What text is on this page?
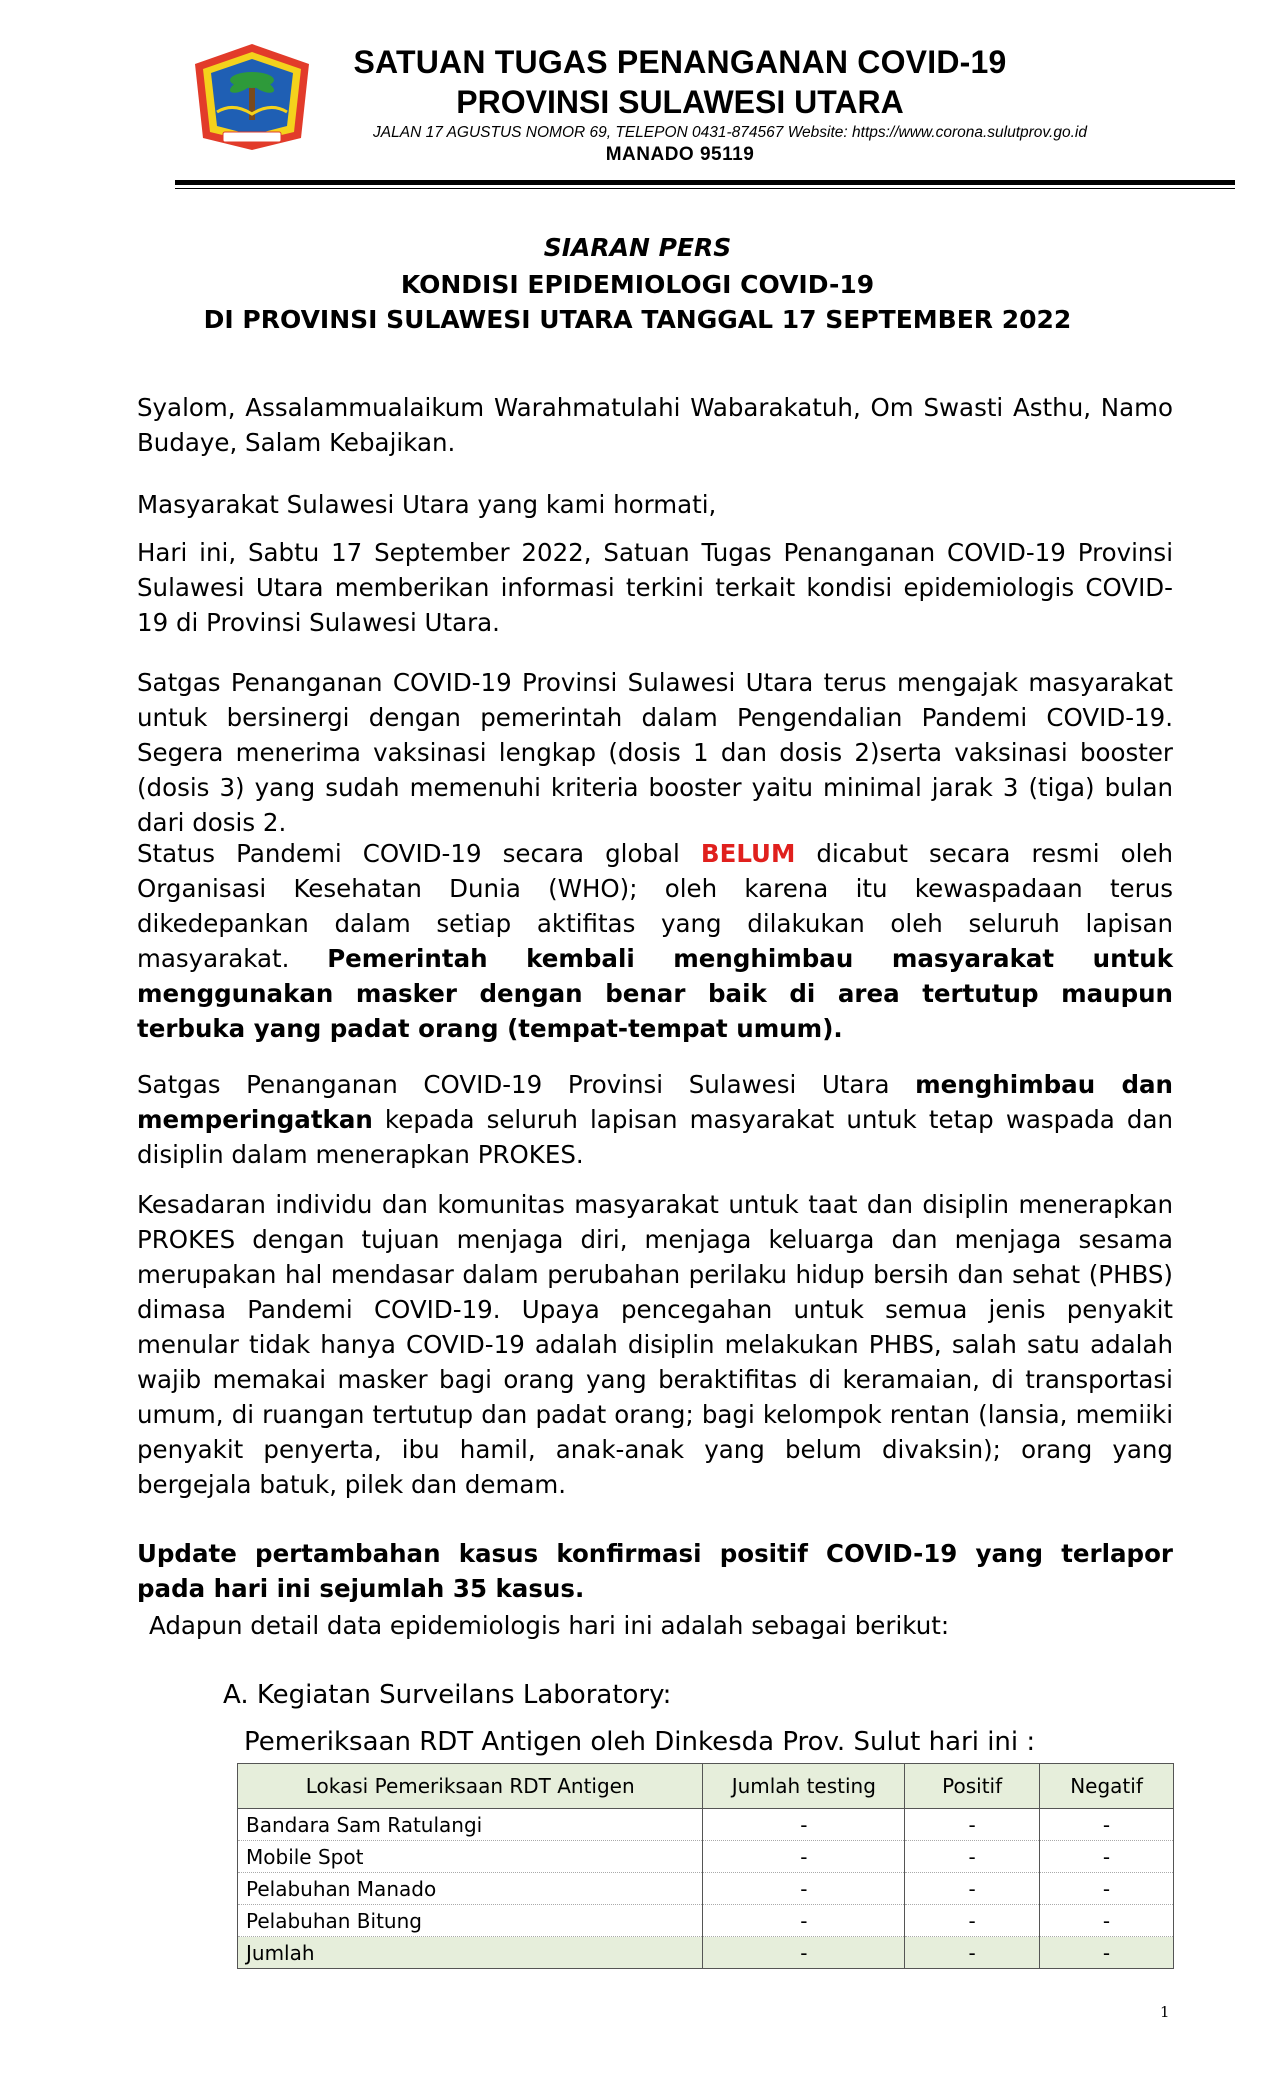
SATUAN TUGAS PENANGANAN COVID-19
PROVINSI SULAWESI UTARA
JALAN 17 AGUSTUS NOMOR 69, TELEPON 0431-874567 Website: https://www.corona.sulutprov.go.id
MANADO 95119
SIARAN PERS
KONDISI EPIDEMIOLOGI COVID-19
DI PROVINSI SULAWESI UTARA TANGGAL 17 SEPTEMBER 2022
Syalom, Assalammualaikum Warahmatulahi Wabarakatuh, Om Swasti Asthu, Namo Budaye, Salam Kebajikan.
Masyarakat Sulawesi Utara yang kami hormati,
Hari ini, Sabtu 17 September 2022, Satuan Tugas Penanganan COVID-19 Provinsi Sulawesi Utara memberikan informasi terkini terkait kondisi epidemiologis COVID-19 di Provinsi Sulawesi Utara.
Satgas Penanganan COVID-19 Provinsi Sulawesi Utara terus mengajak masyarakat untuk bersinergi dengan pemerintah dalam Pengendalian Pandemi COVID-19. Segera menerima vaksinasi lengkap (dosis 1 dan dosis 2)serta vaksinasi booster (dosis 3) yang sudah memenuhi kriteria booster yaitu minimal jarak 3 (tiga) bulan dari dosis 2.
Status Pandemi COVID-19 secara global BELUM dicabut secara resmi oleh Organisasi Kesehatan Dunia (WHO); oleh karena itu kewaspadaan terus dikedepankan dalam setiap aktifitas yang dilakukan oleh seluruh lapisan masyarakat. Pemerintah kembali menghimbau masyarakat untuk menggunakan masker dengan benar baik di area tertutup maupun terbuka yang padat orang (tempat-tempat umum).
Satgas Penanganan COVID-19 Provinsi Sulawesi Utara menghimbau dan memperingatkan kepada seluruh lapisan masyarakat untuk tetap waspada dan disiplin dalam menerapkan PROKES.
Kesadaran individu dan komunitas masyarakat untuk taat dan disiplin menerapkan PROKES dengan tujuan menjaga diri, menjaga keluarga dan menjaga sesama merupakan hal mendasar dalam perubahan perilaku hidup bersih dan sehat (PHBS) dimasa Pandemi COVID-19. Upaya pencegahan untuk semua jenis penyakit menular tidak hanya COVID-19 adalah disiplin melakukan PHBS, salah satu adalah wajib memakai masker bagi orang yang beraktifitas di keramaian, di transportasi umum, di ruangan tertutup dan padat orang; bagi kelompok rentan (lansia, memiiki penyakit penyerta, ibu hamil, anak-anak yang belum divaksin); orang yang bergejala batuk, pilek dan demam.
Update pertambahan kasus konfirmasi positif COVID-19 yang terlapor pada hari ini sejumlah 35 kasus.
Adapun detail data epidemiologis hari ini adalah sebagai berikut:
A. Kegiatan Surveilans Laboratory:
Pemeriksaan RDT Antigen oleh Dinkesda Prov. Sulut hari ini :
Lokasi Pemeriksaan RDT Antigen	Jumlah testing	Positif	Negatif
Bandara Sam Ratulangi	-	-	-
Mobile Spot	-	-	-
Pelabuhan Manado	-	-	-
Pelabuhan Bitung	-	-	-
Jumlah	-	-	-
1
